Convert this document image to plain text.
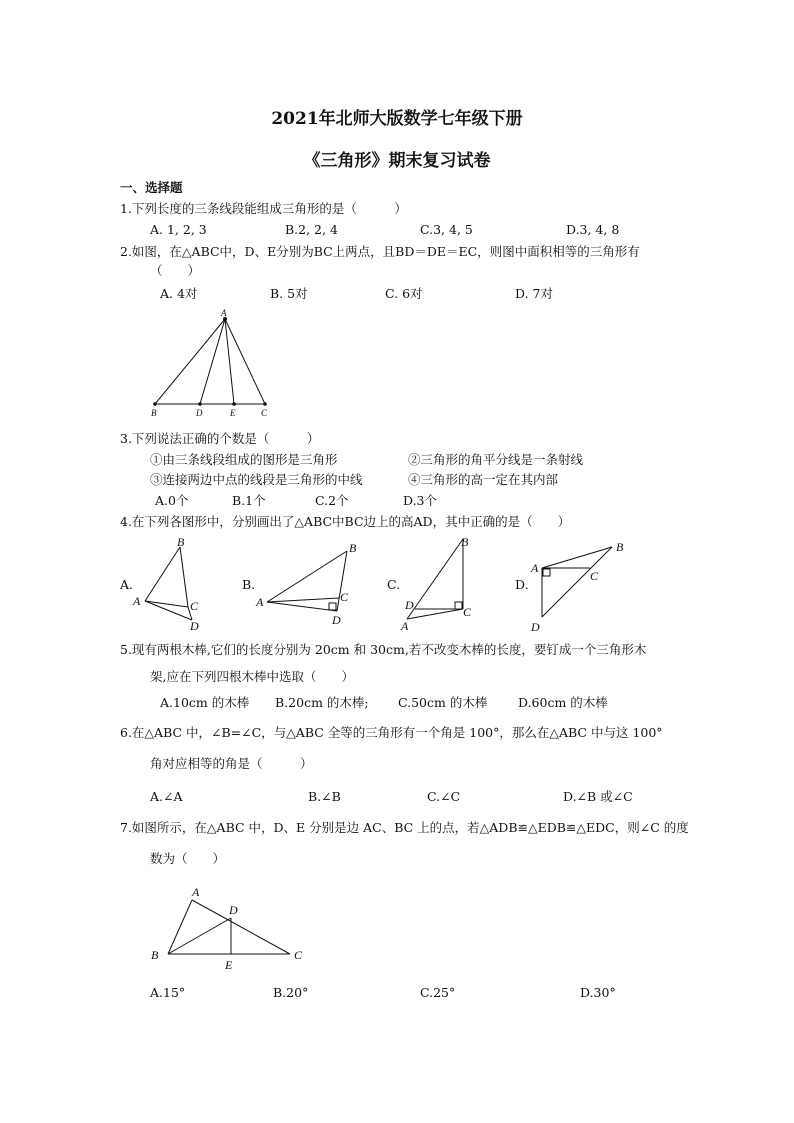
2021年北师大版数学七年级下册
《三角形》期末复习试卷
一、选择题
1.下列长度的三条线段能组成三角形的是（　　　）
A. 1, 2, 3	B.2, 2, 4	C.3, 4, 5	D.3, 4, 8
2.如图，在△ABC中，D、E分别为BC上两点，且BD＝DE＝EC，则图中面积相等的三角形有
（　　）
A. 4对	B. 5对	C. 6对	D. 7对
A
B	D	E	C
3.下列说法正确的个数是（　　　）
①由三条线段组成的图形是三角形	②三角形的角平分线是一条射线
③连接两边中点的线段是三角形的中线	④三角形的高一定在其内部
A.0个	B.1个	C.2个	D.3个
4.在下列各图形中，分别画出了△ABC中BC边上的高AD，其中正确的是（　　）
A.	B.	C.	D.
B
A	C
D
B
A	C
D
B
D	C
A
A
B
C
D
5.现有两根木棒,它们的长度分别为 20cm 和 30cm,若不改变木棒的长度，要钉成一个三角形木
架,应在下列四根木棒中选取（　　）
A.10cm 的木棒 B.20cm 的木棒; C.50cm 的木棒 D.60cm 的木棒
6.在△ABC 中，∠B=∠C，与△ABC 全等的三角形有一个角是 100°，那么在△ABC 中与这 100°
角对应相等的角是（　　　）
A.∠A	B.∠B	C.∠C	D.∠B 或∠C
7.如图所示，在△ABC 中，D、E 分别是边 AC、BC 上的点，若△ADB≌△EDB≌△EDC，则∠C 的度
数为（　　）
A
D
B
E
C
A.15°	B.20°	C.25°	D.30°
